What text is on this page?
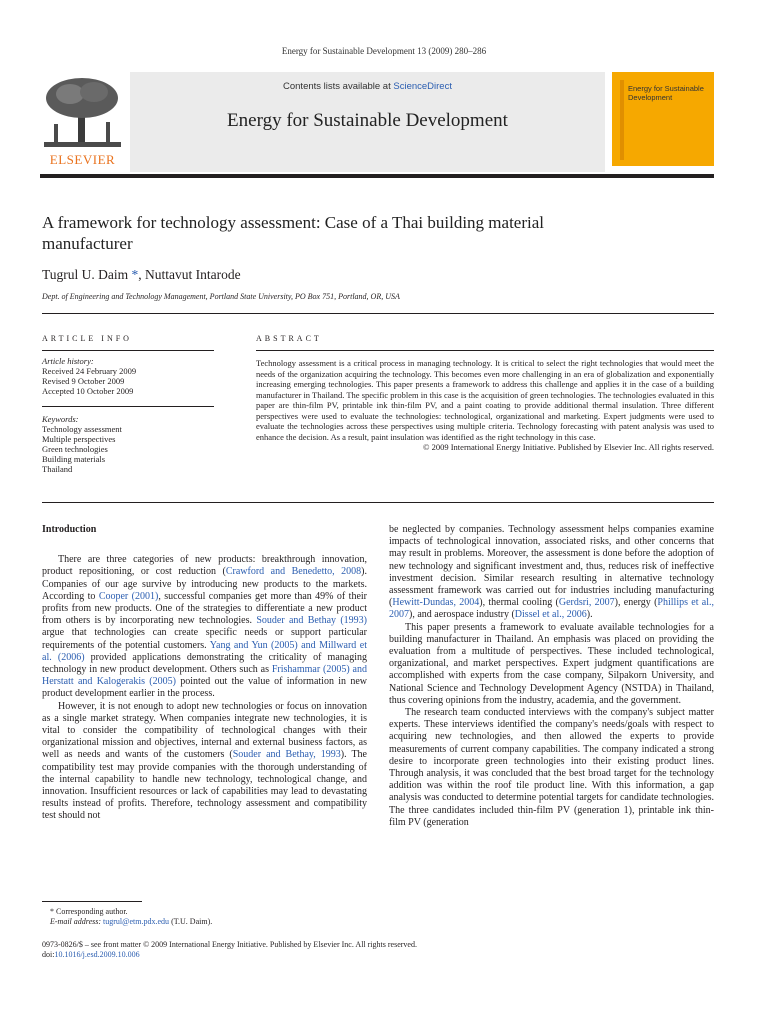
Energy for Sustainable Development 13 (2009) 280–286
ELSEVIER
Contents lists available at ScienceDirect
Energy for Sustainable Development
Energy for Sustainable Development
A framework for technology assessment: Case of a Thai building material manufacturer
Tugrul U. Daim *, Nuttavut Intarode
Dept. of Engineering and Technology Management, Portland State University, PO Box 751, Portland, OR, USA
ARTICLE INFO
Article history:
Received 24 February 2009
Revised 9 October 2009
Accepted 10 October 2009
Keywords:
Technology assessment
Multiple perspectives
Green technologies
Building materials
Thailand
ABSTRACT
Technology assessment is a critical process in managing technology. It is critical to select the right technologies that would meet the needs of the organization acquiring the technology. This becomes even more challenging in an era of globalization and exponentially increasing emerging technologies. This paper presents a framework to address this challenge and applies it in the case of a building manufacturer in Thailand. The specific problem in this case is the acquisition of green technologies. The technologies evaluated in this paper are thin-film PV, printable ink thin-film PV, and a paint coating to provide additional thermal insulation. Three different perspectives were used to evaluate the technologies: technological, organizational and marketing. Expert judgments were used to evaluate the technologies across these perspectives using multiple criteria. Technology forecasting with patent analysis was used to enhance the decision. As a result, paint insulation was identified as the right technology in this case.
© 2009 International Energy Initiative. Published by Elsevier Inc. All rights reserved.
Introduction

There are three categories of new products: breakthrough innovation, product repositioning, or cost reduction (Crawford and Benedetto, 2008). Companies of our age survive by introducing new products to the markets. According to Cooper (2001), successful companies get more than 49% of their profits from new products. One of the strategies to differentiate a new product from others is by incorporating new technologies. Souder and Bethay (1993) argue that technologies can create specific needs or support particular requirements of the potential customers. Yang and Yun (2005) and Millward et al. (2006) provided applications demonstrating the criticality of managing technology in new product development. Others such as Frishammar (2005) and Herstatt and Kalogerakis (2005) pointed out the value of information in new product development earlier in the process.

However, it is not enough to adopt new technologies or focus on innovation as a single market strategy. When companies integrate new technologies, it is vital to consider the compatibility of technological changes with their organizational mission and objectives, internal and external business factors, as well as needs and wants of the customers (Souder and Bethay, 1993). The compatibility test may provide companies with the thorough understanding of the internal capability to handle new technology, technological change, and innovation. Insufficient resources or lack of capabilities may lead to devastating results instead of profits. Therefore, technology assessment and compatibility test should not

be neglected by companies. Technology assessment helps companies examine impacts of technological innovation, associated risks, and other concerns that may result in problems. Moreover, the assessment is done before the adoption of new technology and significant investment and, thus, reduces risk of ineffective investment decision. Similar research resulting in alternative technology assessment framework was carried out for industries including manufacturing (Hewitt-Dundas, 2004), thermal cooling (Gerdsri, 2007), energy (Phillips et al., 2007), and aerospace industry (Dissel et al., 2006).

This paper presents a framework to evaluate available technologies for a building manufacturer in Thailand. An emphasis was placed on providing the evaluation from a multitude of perspectives. These included technological, organizational, and market perspectives. Expert judgment quantifications are accomplished with experts from the case company, Silpakorn University, and National Science and Technology Development Agency (NSTDA) in Thailand, thus covering opinions from the industry, academia, and the government.

The research team conducted interviews with the company's subject matter experts. These interviews identified the company's needs/goals with respect to acquiring new technologies, and then allowed the experts to provide measurements of current company capabilities. The company indicated a strong desire to incorporate green technologies into their existing product lines. Through analysis, it was concluded that the best broad target for the technology addition was within the roof tile product line. With this information, a gap analysis was conducted to determine potential targets for candidate technologies. The three candidates included thin-film PV (generation 1), printable ink thin-film PV (generation

* Corresponding author.
E-mail address: tugrul@etm.pdx.edu (T.U. Daim).
0973-0826/$ – see front matter © 2009 International Energy Initiative. Published by Elsevier Inc. All rights reserved.
doi:10.1016/j.esd.2009.10.006
